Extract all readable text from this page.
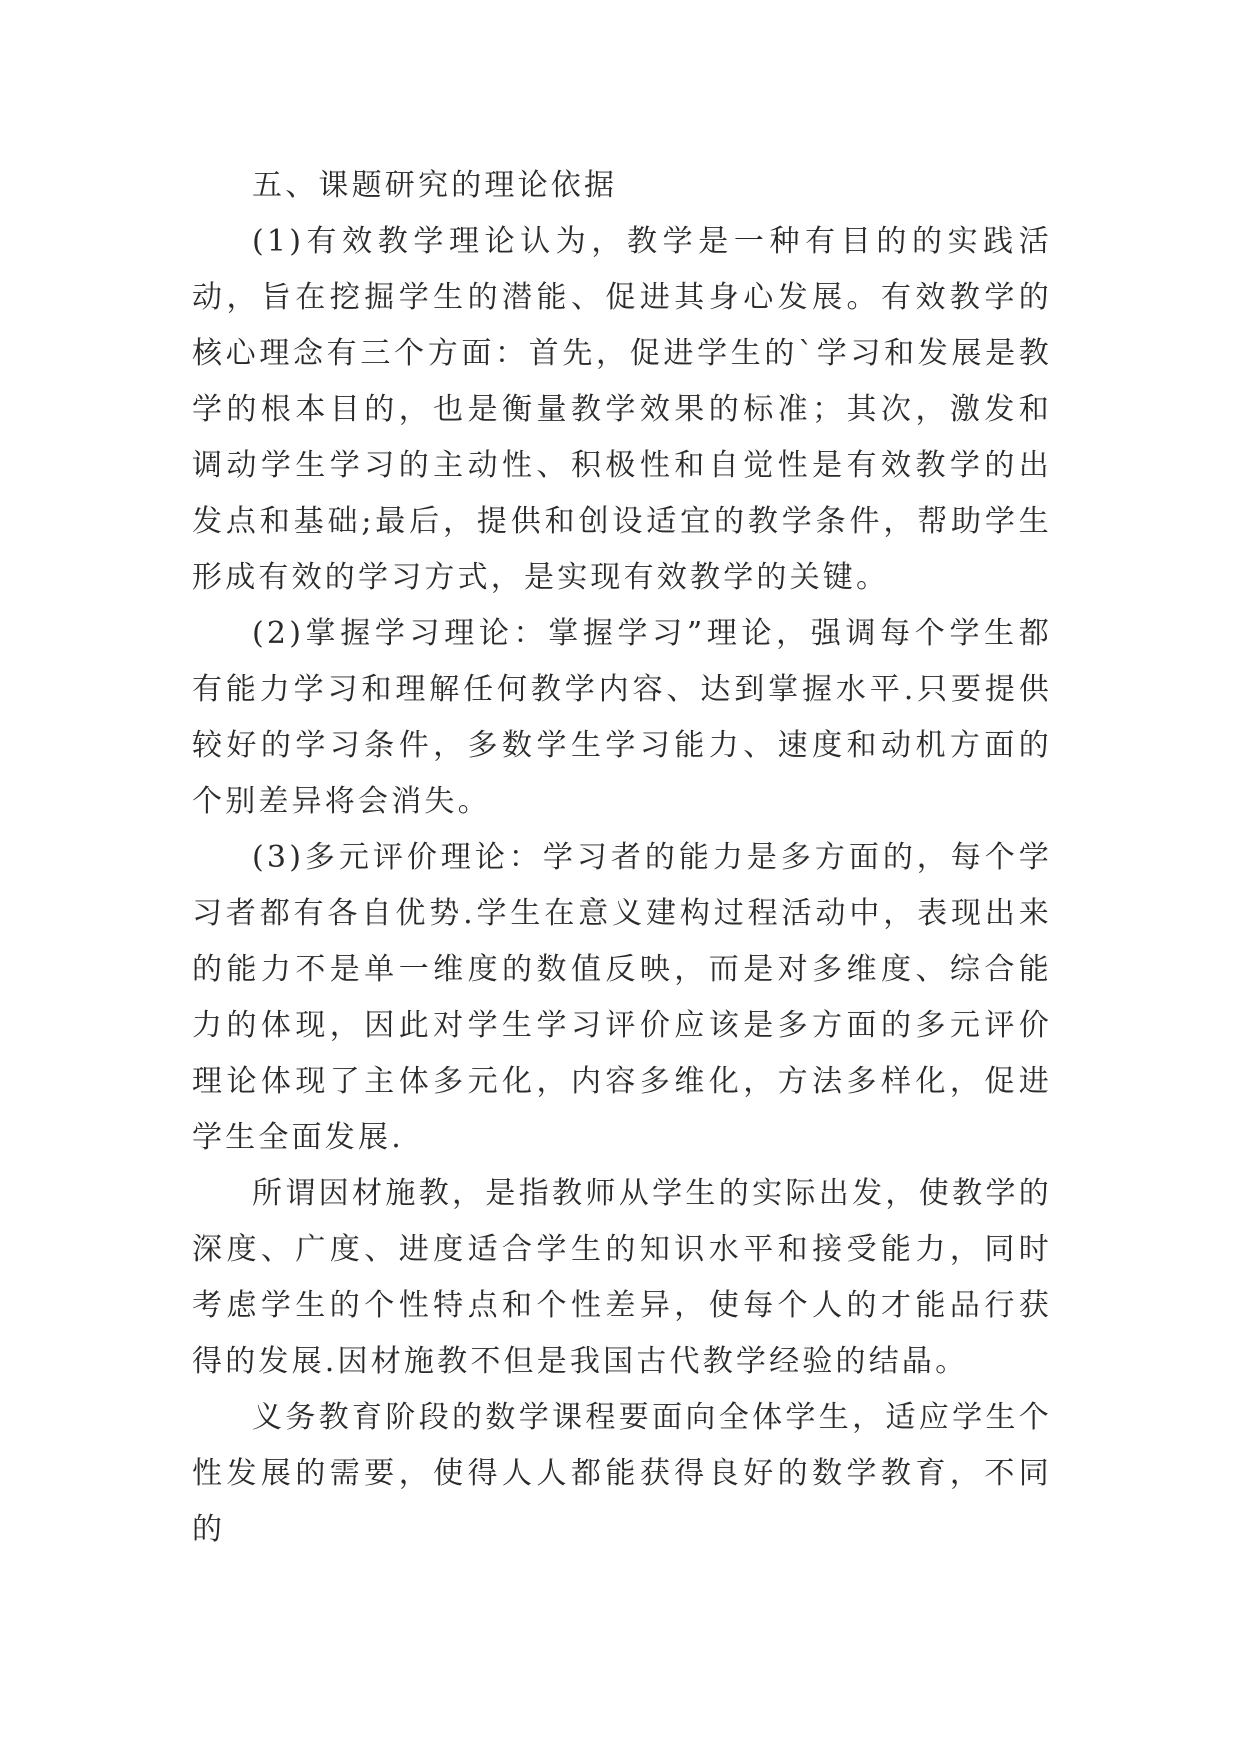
五、课题研究的理论依据

(1)有效教学理论认为，教学是一种有目的的实践活动，旨在挖掘学生的潜能、促进其身心发展。有效教学的核心理念有三个方面：首先，促进学生的`学习和发展是教学的根本目的，也是衡量教学效果的标准；其次，激发和调动学生学习的主动性、积极性和自觉性是有效教学的出发点和基础;最后，提供和创设适宜的教学条件，帮助学生形成有效的学习方式，是实现有效教学的关键。

(2)掌握学习理论：掌握学习”理论，强调每个学生都有能力学习和理解任何教学内容、达到掌握水平.只要提供较好的学习条件，多数学生学习能力、速度和动机方面的个别差异将会消失。

(3)多元评价理论：学习者的能力是多方面的，每个学习者都有各自优势.学生在意义建构过程活动中，表现出来的能力不是单一维度的数值反映，而是对多维度、综合能力的体现，因此对学生学习评价应该是多方面的多元评价理论体现了主体多元化，内容多维化，方法多样化，促进学生全面发展.

所谓因材施教，是指教师从学生的实际出发，使教学的深度、广度、进度适合学生的知识水平和接受能力，同时考虑学生的个性特点和个性差异，使每个人的才能品行获得的发展.因材施教不但是我国古代教学经验的结晶。

义务教育阶段的数学课程要面向全体学生，适应学生个性发展的需要，使得人人都能获得良好的数学教育，不同的
